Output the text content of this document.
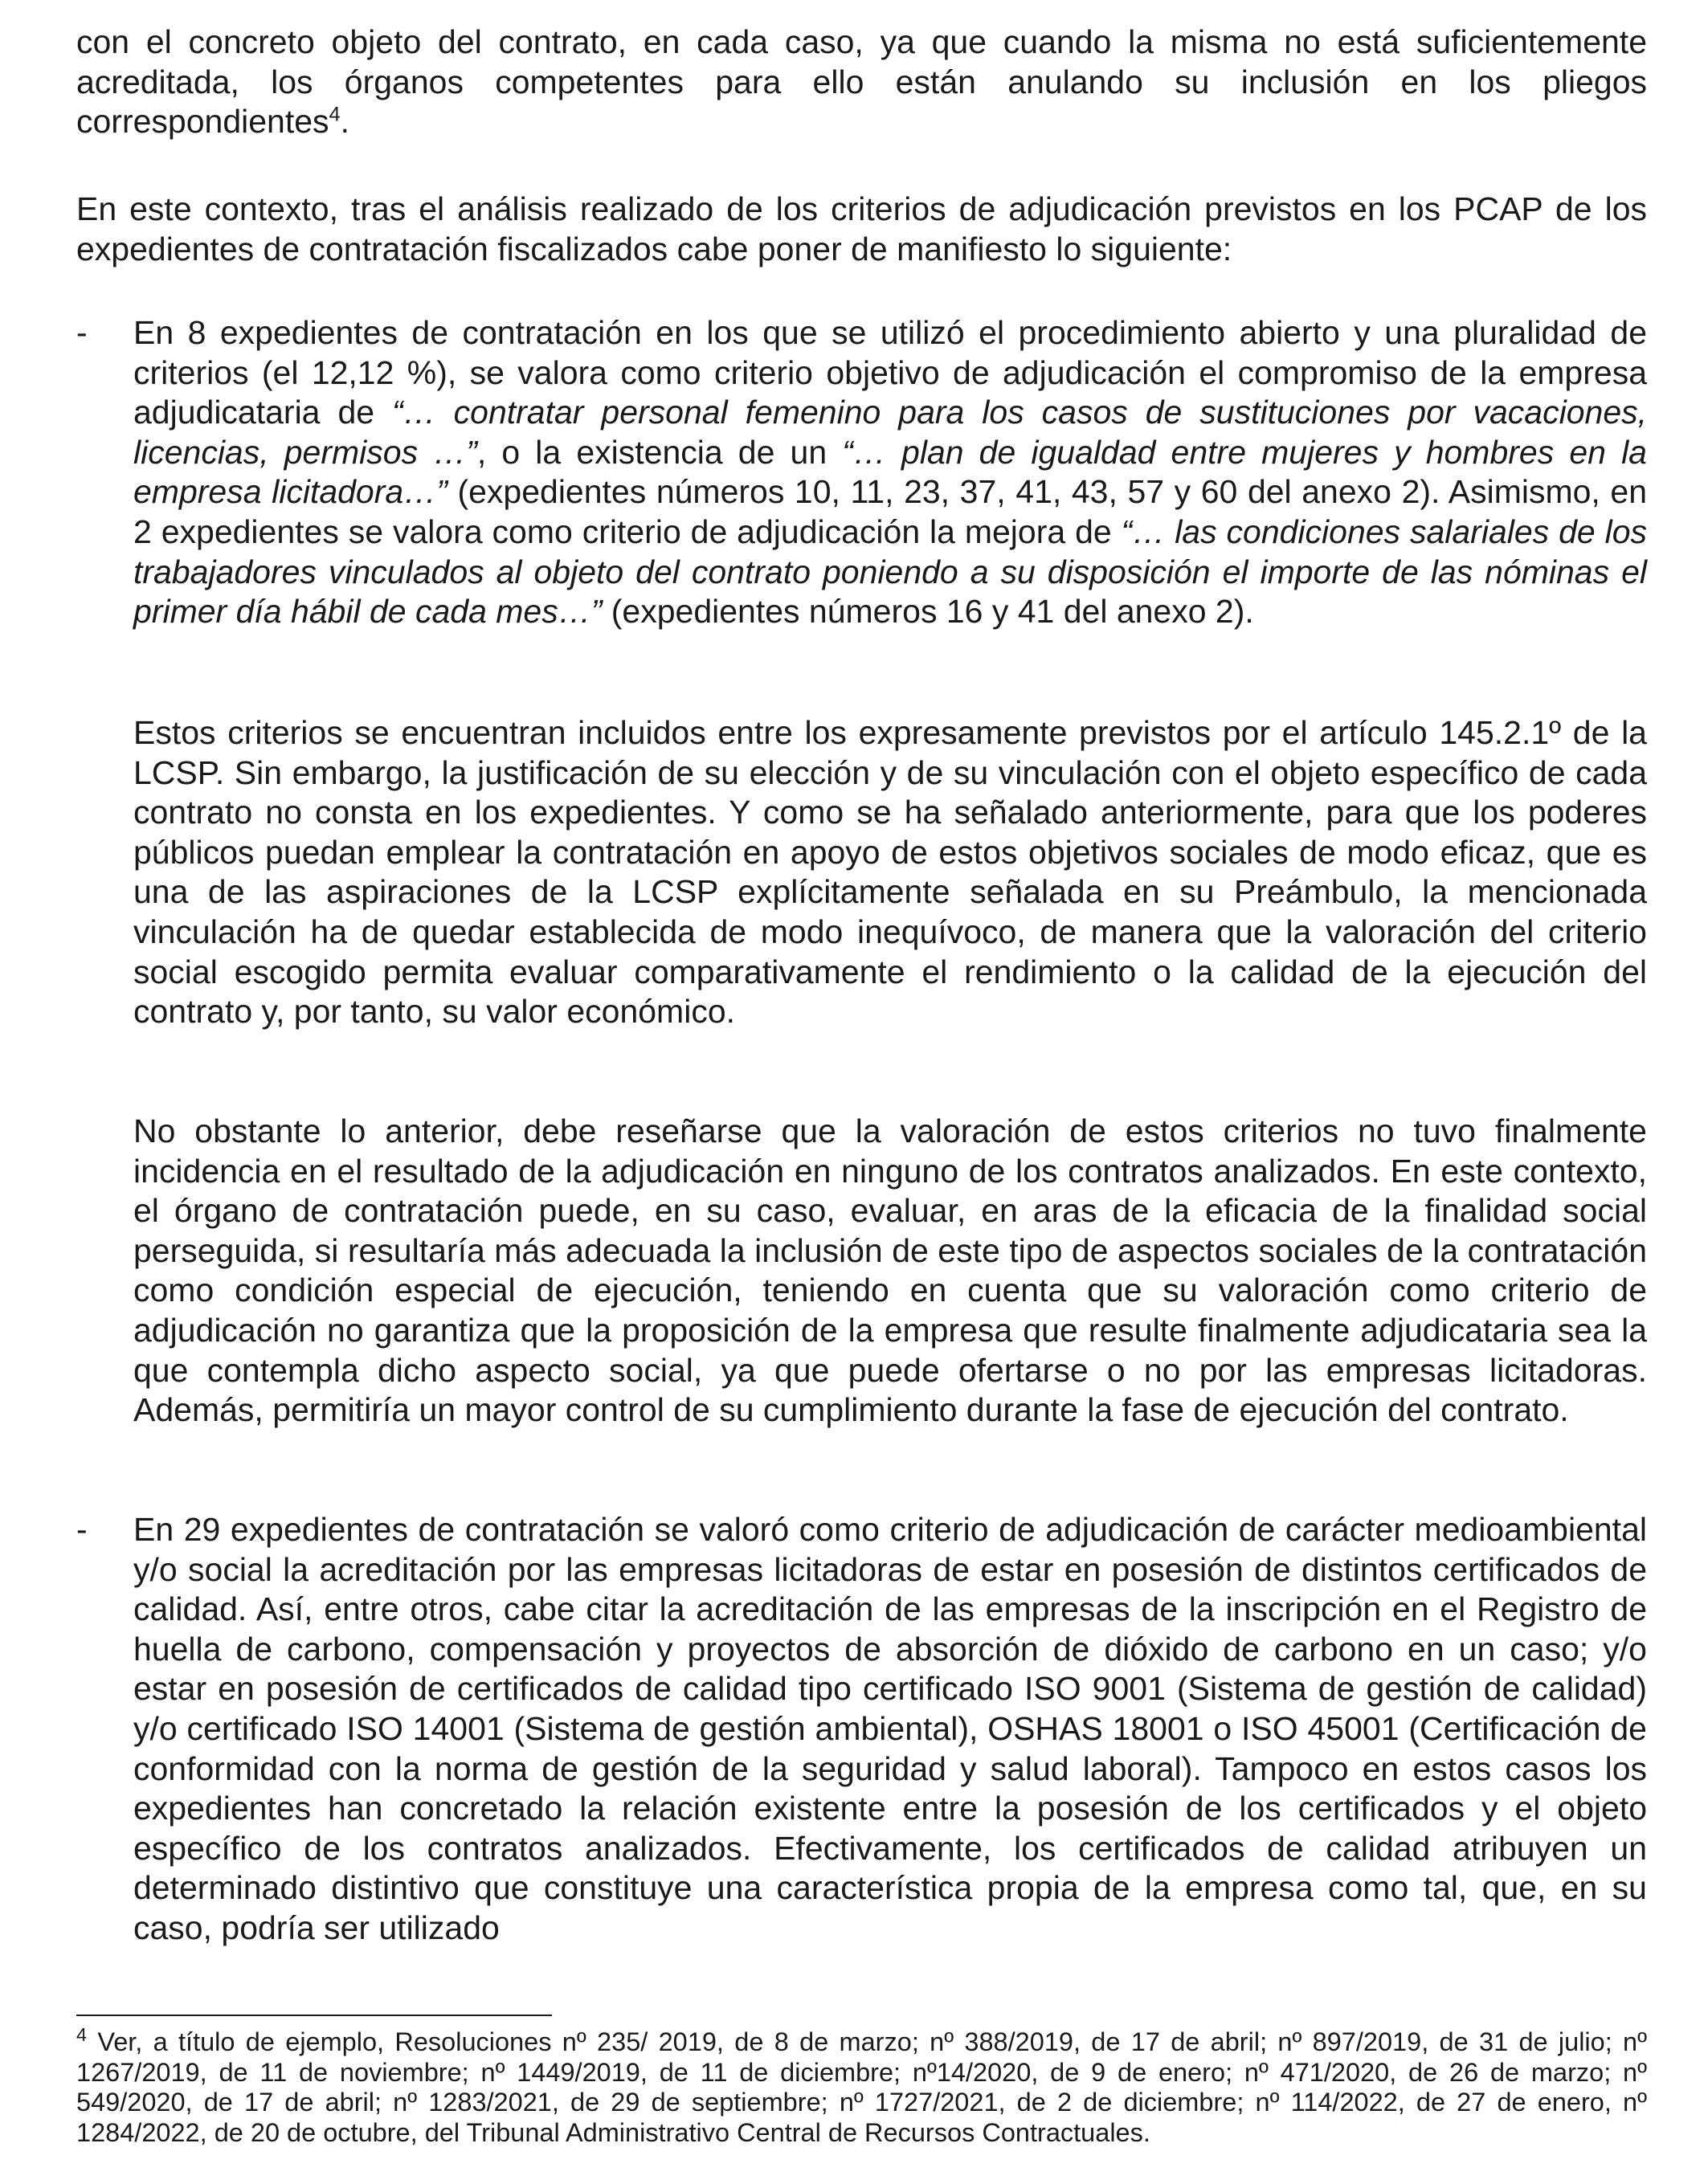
con el concreto objeto del contrato, en cada caso, ya que cuando la misma no está suficientemente acreditada, los órganos competentes para ello están anulando su inclusión en los pliegos correspondientes$^4$.

En este contexto, tras el análisis realizado de los criterios de adjudicación previstos en los PCAP de los expedientes de contratación fiscalizados cabe poner de manifiesto lo siguiente:

-	En 8 expedientes de contratación en los que se utilizó el procedimiento abierto y una pluralidad de criterios (el 12,12 %), se valora como criterio objetivo de adjudicación el compromiso de la empresa adjudicataria de “… contratar personal femenino para los casos de sustituciones por vacaciones, licencias, permisos …”, o la existencia de un “… plan de igualdad entre mujeres y hombres en la empresa licitadora…” (expedientes números 10, 11, 23, 37, 41, 43, 57 y 60 del anexo 2). Asimismo, en 2 expedientes se valora como criterio de adjudicación la mejora de “… las condiciones salariales de los trabajadores vinculados al objeto del contrato poniendo a su disposición el importe de las nóminas el primer día hábil de cada mes…” (expedientes números 16 y 41 del anexo 2).

Estos criterios se encuentran incluidos entre los expresamente previstos por el artículo 145.2.1º de la LCSP. Sin embargo, la justificación de su elección y de su vinculación con el objeto específico de cada contrato no consta en los expedientes. Y como se ha señalado anteriormente, para que los poderes públicos puedan emplear la contratación en apoyo de estos objetivos sociales de modo eficaz, que es una de las aspiraciones de la LCSP explícitamente señalada en su Preámbulo, la mencionada vinculación ha de quedar establecida de modo inequívoco, de manera que la valoración del criterio social escogido permita evaluar comparativamente el rendimiento o la calidad de la ejecución del contrato y, por tanto, su valor económico.

No obstante lo anterior, debe reseñarse que la valoración de estos criterios no tuvo finalmente incidencia en el resultado de la adjudicación en ninguno de los contratos analizados. En este contexto, el órgano de contratación puede, en su caso, evaluar, en aras de la eficacia de la finalidad social perseguida, si resultaría más adecuada la inclusión de este tipo de aspectos sociales de la contratación como condición especial de ejecución, teniendo en cuenta que su valoración como criterio de adjudicación no garantiza que la proposición de la empresa que resulte finalmente adjudicataria sea la que contempla dicho aspecto social, ya que puede ofertarse o no por las empresas licitadoras. Además, permitiría un mayor control de su cumplimiento durante la fase de ejecución del contrato.

-	En 29 expedientes de contratación se valoró como criterio de adjudicación de carácter medioambiental y/o social la acreditación por las empresas licitadoras de estar en posesión de distintos certificados de calidad. Así, entre otros, cabe citar la acreditación de las empresas de la inscripción en el Registro de huella de carbono, compensación y proyectos de absorción de dióxido de carbono en un caso; y/o estar en posesión de certificados de calidad tipo certificado ISO 9001 (Sistema de gestión de calidad) y/o certificado ISO 14001 (Sistema de gestión ambiental), OSHAS 18001 o ISO 45001 (Certificación de conformidad con la norma de gestión de la seguridad y salud laboral). Tampoco en estos casos los expedientes han concretado la relación existente entre la posesión de los certificados y el objeto específico de los contratos analizados. Efectivamente, los certificados de calidad atribuyen un determinado distintivo que constituye una característica propia de la empresa como tal, que, en su caso, podría ser utilizado

$^4$ Ver, a título de ejemplo, Resoluciones nº 235/ 2019, de 8 de marzo; nº 388/2019, de 17 de abril; nº 897/2019, de 31 de julio; nº 1267/2019, de 11 de noviembre; nº 1449/2019, de 11 de diciembre; nº14/2020, de 9 de enero; nº 471/2020, de 26 de marzo; nº 549/2020, de 17 de abril; nº 1283/2021, de 29 de septiembre; nº 1727/2021, de 2 de diciembre; nº 114/2022, de 27 de enero, nº 1284/2022, de 20 de octubre, del Tribunal Administrativo Central de Recursos Contractuales.
